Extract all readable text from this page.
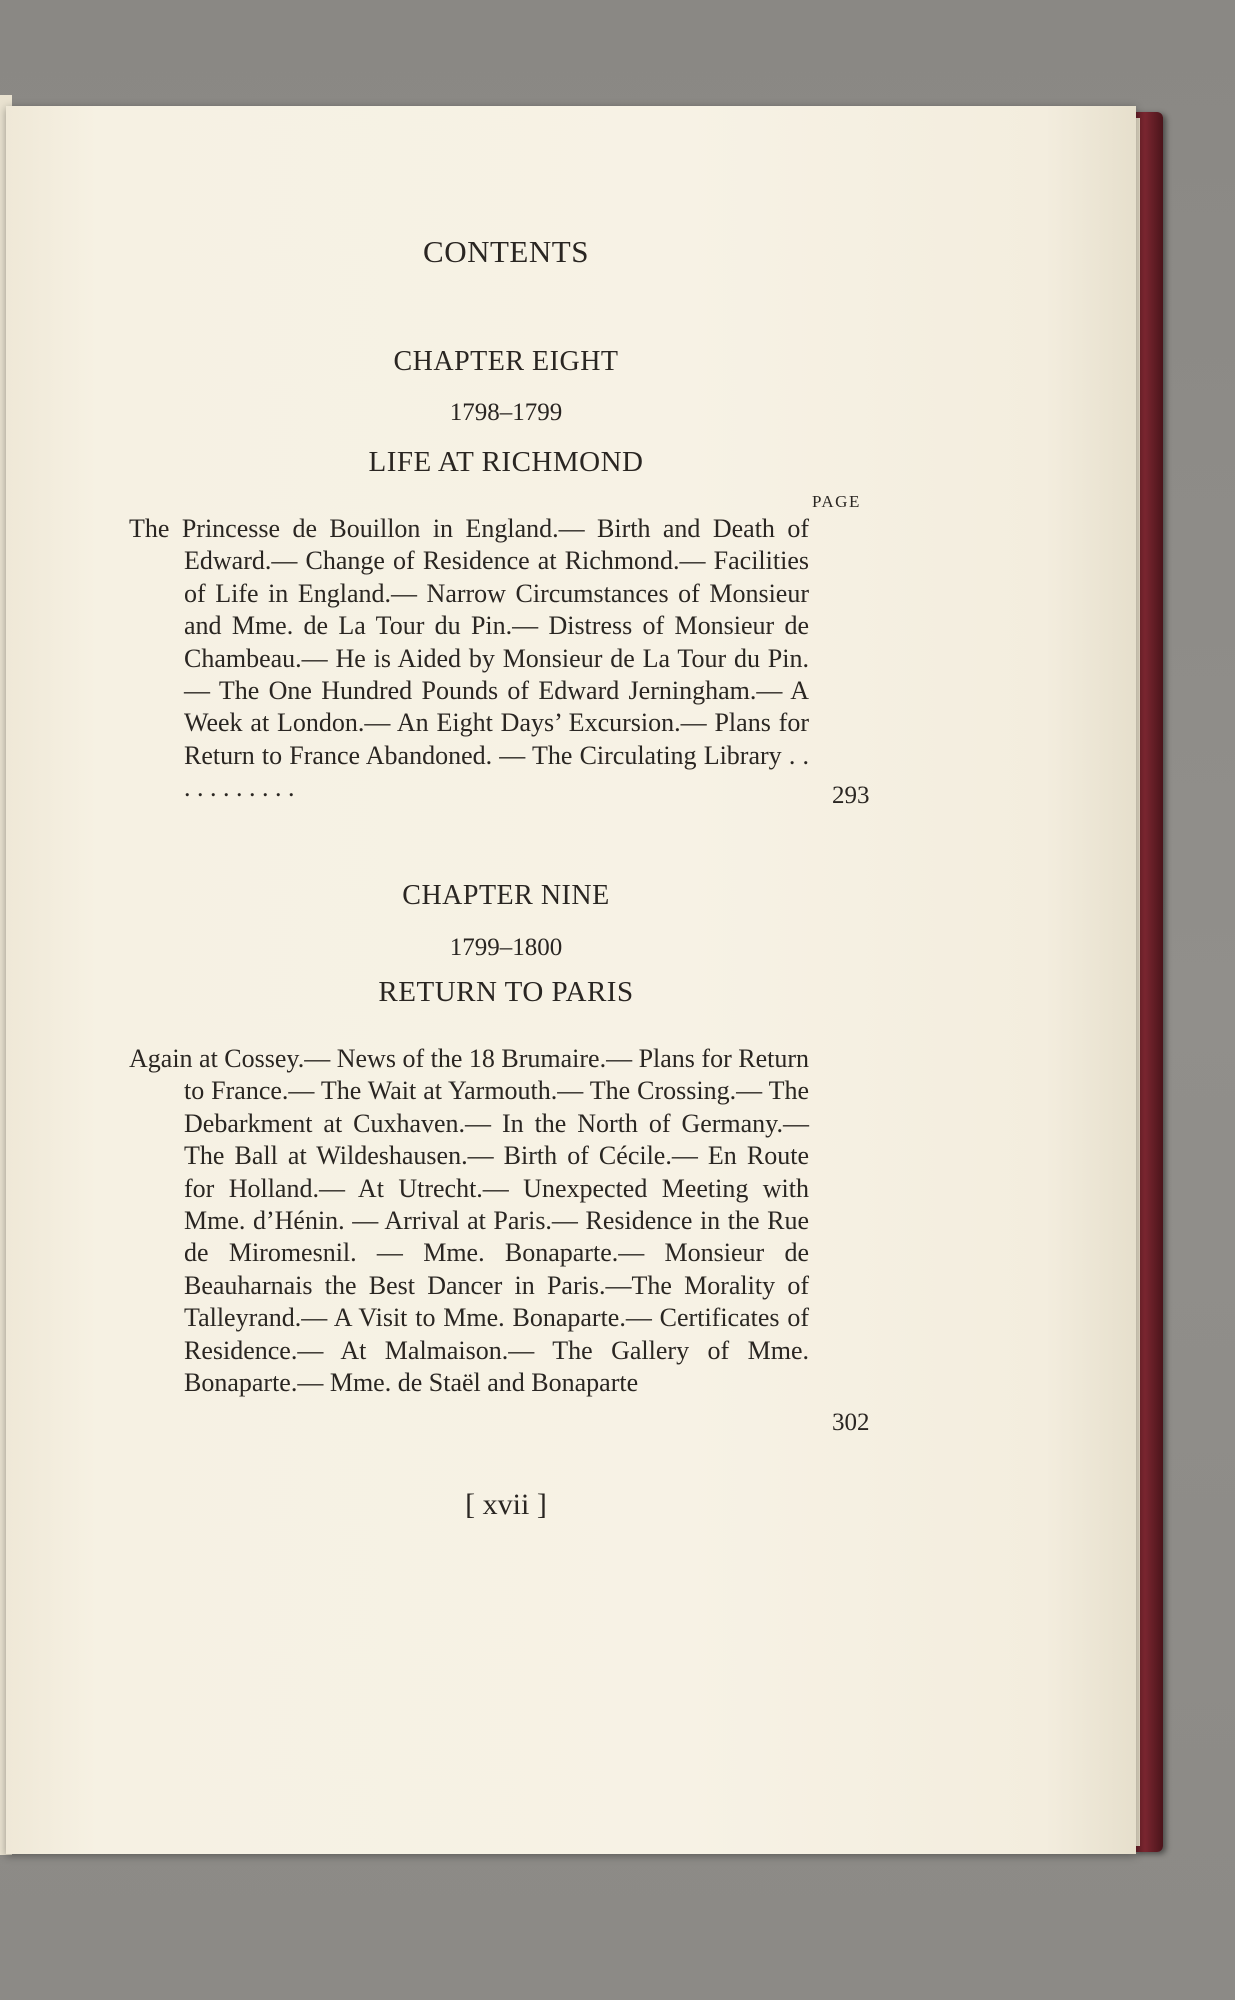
CONTENTS
CHAPTER EIGHT
1798–1799
LIFE AT RICHMOND
PAGE
The Princesse de Bouillon in England.— Birth and Death of Edward.— Change of Residence at Richmond.— Facilities of Life in England.— Narrow Circumstances of Monsieur and Mme. de La Tour du Pin.— Distress of Monsieur de Chambeau.— He is Aided by Monsieur de La Tour du Pin.— The One Hundred Pounds of Edward Jerningham.— A Week at London.— An Eight Days’ Excursion.— Plans for Return to France Abandoned. — The Circulating Library . . . . . . . . . . .	293
CHAPTER NINE
1799–1800
RETURN TO PARIS
Again at Cossey.— News of the 18 Brumaire.— Plans for Return to France.— The Wait at Yarmouth.— The Crossing.— The Debarkment at Cuxhaven.— In the North of Germany.— The Ball at Wildeshausen.— Birth of Cécile.— En Route for Holland.— At Utrecht.— Unexpected Meeting with Mme. d’Hénin. — Arrival at Paris.— Residence in the Rue de Miromesnil. — Mme. Bonaparte.— Monsieur de Beauharnais the Best Dancer in Paris.—The Morality of Talleyrand.— A Visit to Mme. Bonaparte.— Certificates of Residence.— At Malmaison.— The Gallery of Mme. Bonaparte.— Mme. de Staël and Bonaparte
302
[ xvii ]
